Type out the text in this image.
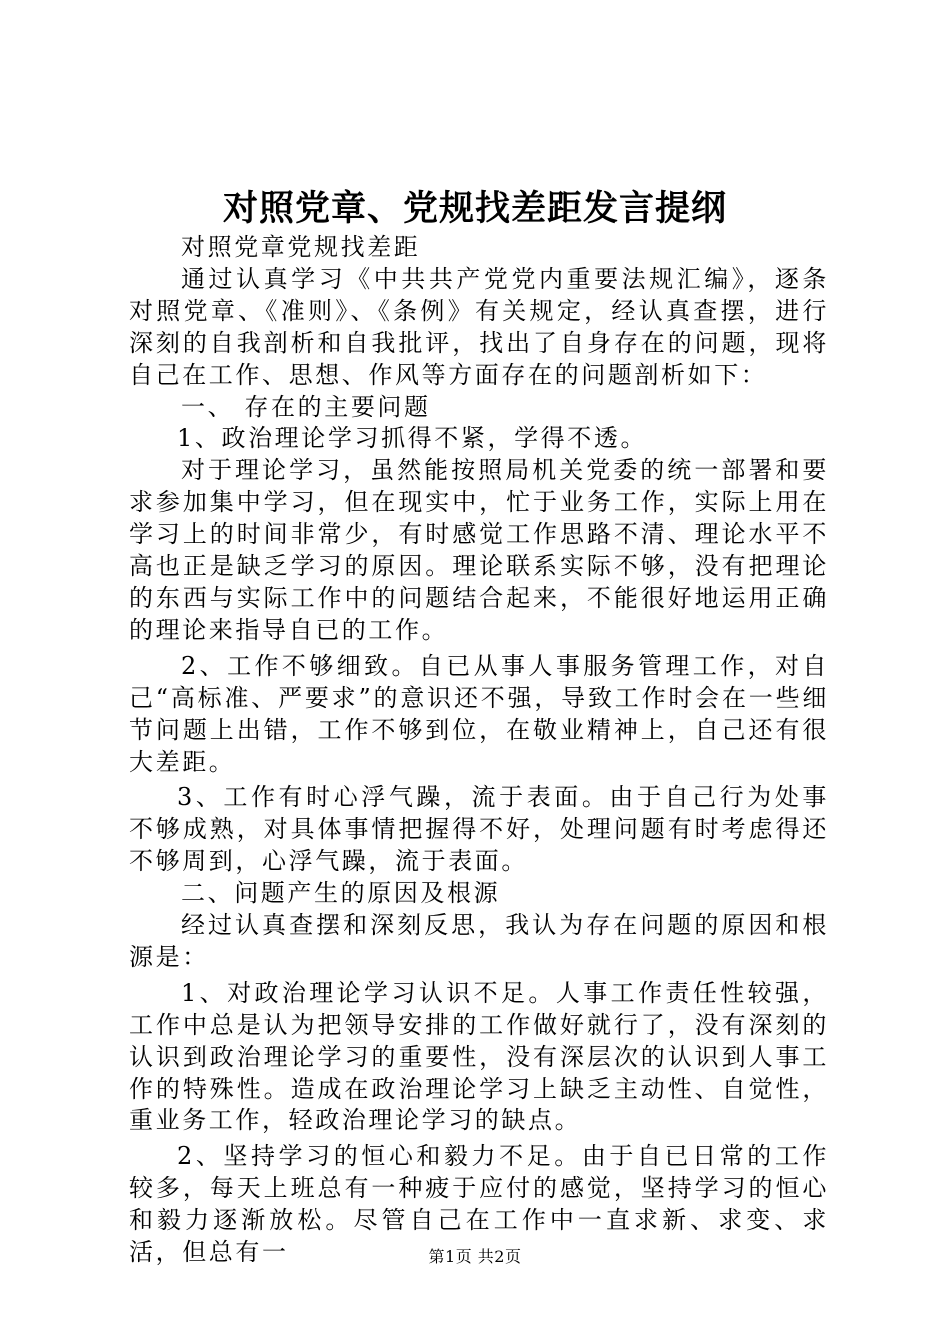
对照党章、党规找差距发言提纲

对照党章党规找差距

通过认真学习《中共共产党党内重要法规汇编》，逐条对照党章、《准则》、《条例》有关规定，经认真查摆，进行深刻的自我剖析和自我批评，找出了自身存在的问题，现将自己在工作、思想、作风等方面存在的问题剖析如下：

一、 存在的主要问题

1、政治理论学习抓得不紧，学得不透。

对于理论学习，虽然能按照局机关党委的统一部署和要求参加集中学习，但在现实中，忙于业务工作，实际上用在学习上的时间非常少，有时感觉工作思路不清、理论水平不高也正是缺乏学习的原因。理论联系实际不够，没有把理论的东西与实际工作中的问题结合起来，不能很好地运用正确的理论来指导自已的工作。

2、工作不够细致。自已从事人事服务管理工作，对自己“高标准、严要求”的意识还不强，导致工作时会在一些细节问题上出错，工作不够到位，在敬业精神上，自己还有很大差距。

3、工作有时心浮气躁，流于表面。由于自己行为处事不够成熟，对具体事情把握得不好，处理问题有时考虑得还不够周到，心浮气躁，流于表面。

二、问题产生的原因及根源

经过认真查摆和深刻反思，我认为存在问题的原因和根源是：

1、对政治理论学习认识不足。人事工作责任性较强，工作中总是认为把领导安排的工作做好就行了，没有深刻的认识到政治理论学习的重要性，没有深层次的认识到人事工作的特殊性。造成在政治理论学习上缺乏主动性、自觉性，重业务工作，轻政治理论学习的缺点。

2、坚持学习的恒心和毅力不足。由于自已日常的工作较多，每天上班总有一种疲于应付的感觉，坚持学习的恒心和毅力逐渐放松。尽管自己在工作中一直求新、求变、求活，但总有一	第1页 共2页
